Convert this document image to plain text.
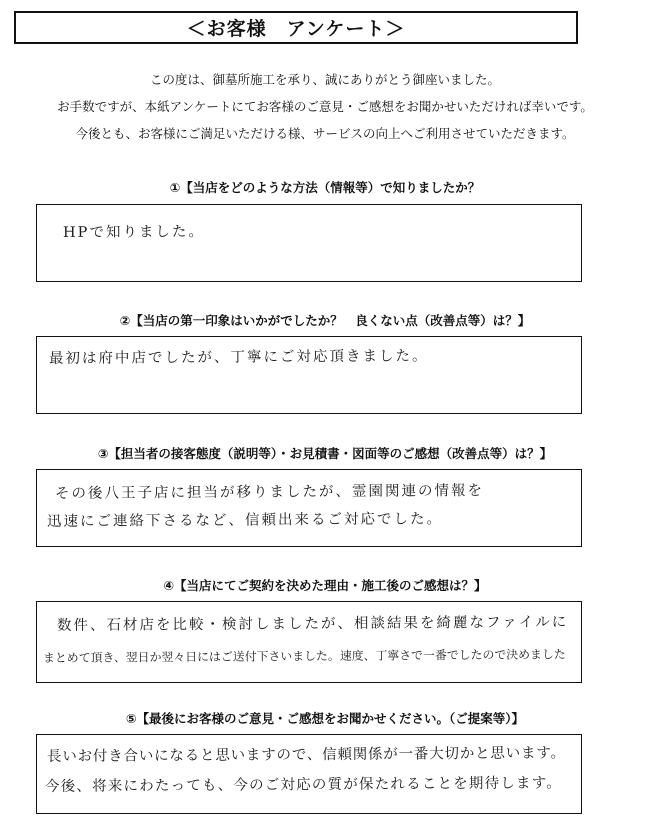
＜お客様　アンケート＞
この度は、御墓所施工を承り、誠にありがとう御座いました。
お手数ですが、本紙アンケートにてお客様のご意見・ご感想をお聞かせいただければ幸いです。
今後とも、お客様にご満足いただける様、サービスの向上へご利用させていただきます。
①【当店をどのような方法（情報等）で知りましたか？
HPで知りました。
②【当店の第一印象はいかがでしたか？　良くない点（改善点等）は？】
最初は府中店でしたが、丁寧にご対応頂きました。
③【担当者の接客態度（説明等）・お見積書・図面等のご感想（改善点等）は？】
その後八王子店に担当が移りましたが、霊園関連の情報を
迅速にご連絡下さるなど、信頼出来るご対応でした。
④【当店にてご契約を決めた理由・施工後のご感想は？】
数件、石材店を比較・検討しましたが、相談結果を綺麗なファイルに
まとめて頂き、翌日か翌々日にはご送付下さいました。速度、丁寧さで一番でしたので決めました
⑤【最後にお客様のご意見・ご感想をお聞かせください。（ご提案等）】
長いお付き合いになると思いますので、信頼関係が一番大切かと思います。
今後、将来にわたっても、今のご対応の質が保たれることを期待します。
